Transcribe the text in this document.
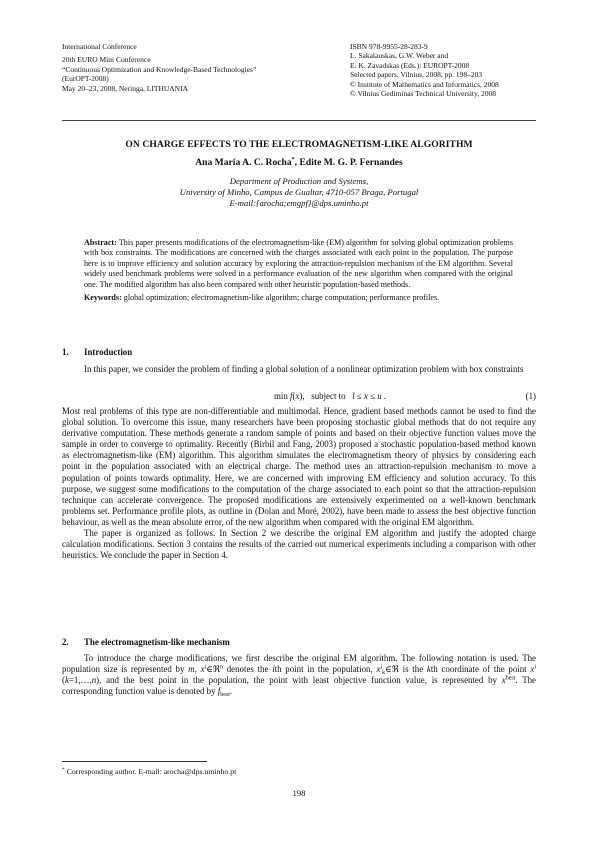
International Conference
20th EURO Mini Conference
“Continuous Optimization and Knowledge-Based Technologies”
(EurOPT-2008)
May 20–23, 2008, Neringa, LITHUANIA
ISBN 978-9955-28-283-9
L. Sakalauskas, G.W. Weber and
E. K. Zavadskas (Eds.): EUROPT-2008
Selected papers. Vilnius, 2008, pp. 198–203
© Institute of Mathematics and Informatics, 2008
© Vilnius Gediminas Technical University, 2008
ON CHARGE EFFECTS TO THE ELECTROMAGNETISM-LIKE ALGORITHM
Ana Maria A. C. Rocha*, Edite M. G. P. Fernandes
Department of Production and Systems,
University of Minho, Campus de Gualtar, 4710-057 Braga, Portugal
E-mail:{arocha;emgpf}@dps.uminho.pt

Abstract: This paper presents modifications of the electromagnetism-like (EM) algorithm for solving global optimization problems with box constraints. The modifications are concerned with the charges associated with each point in the population. The purpose here is to improve efficiency and solution accuracy by exploring the attraction-repulsion mechanism of the EM algorithm. Several widely used benchmark problems were solved in a performance evaluation of the new algorithm when compared with the original one. The modified algorithm has also been compared with other heuristic population-based methods.

Keywords: global optimization; electromagnetism-like algorithm; charge computation; performance profiles.

1. Introduction

In this paper, we consider the problem of finding a global solution of a nonlinear optimization problem with box constraints

min f(x), subject to l ≤ x ≤ u .	(1)

Most real problems of this type are non-differentiable and multimodal. Hence, gradient based methods cannot be used to find the global solution. To overcome this issue, many researchers have been proposing stochastic global methods that do not require any derivative computation. These methods generate a random sample of points and based on their objective function values move the sample in order to converge to optimality. Recently (Birbil and Fang, 2003) proposed a stochastic population-based method known as electromagnetism-like (EM) algorithm. This algorithm simulates the electromagnetism theory of physics by considering each point in the population associated with an electrical charge. The method uses an attraction-repulsion mechanism to move a population of points towards optimality. Here, we are concerned with improving EM efficiency and solution accuracy. To this purpose, we suggest some modifications to the computation of the charge associated to each point so that the attraction-repulsion technique can accelerate convergence. The proposed modifications are extensively experimented on a well-known benchmark problems set. Performance profile plots, as outline in (Dolan and Moré, 2002), have been made to assess the best objective function behaviour, as well as the mean absolute error, of the new algorithm when compared with the original EM algorithm.

The paper is organized as follows. In Section 2 we describe the original EM algorithm and justify the adopted charge calculation modifications. Section 3 contains the results of the carried out numerical experiments including a comparison with other heuristics. We conclude the paper in Section 4.

2. The electromagnetism-like mechanism

To introduce the charge modifications, we first describe the original EM algorithm. The following notation is used. The population size is represented by m, $x^i\in ℜ^n$ denotes the ith point in the population, $x^i_k\in ℜ$ is the kth coordinate of the point $x^i$ (k=1,…,n), and the best point in the population, the point with least objective function value, is represented by $x^{best}$. The corresponding function value is denoted by $f_{best}$.

* Corresponding author. E-mail: arocha@dps.uminho.pt
198
